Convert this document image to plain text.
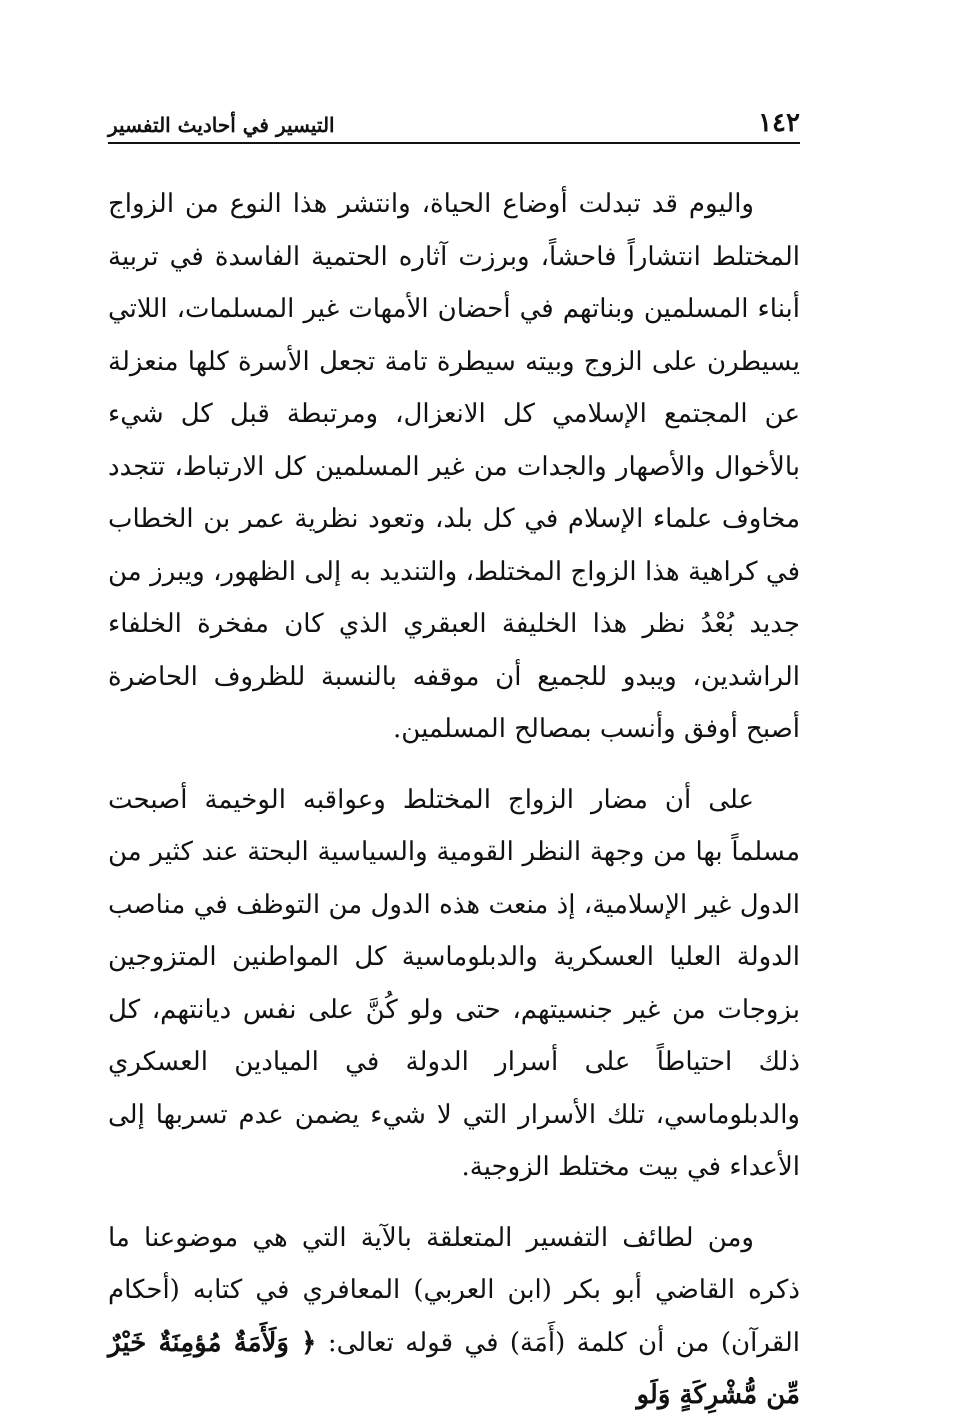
١٤٢
التيسير في أحاديث التفسير

واليوم قد تبدلت أوضاع الحياة، وانتشر هذا النوع من الزواج المختلط انتشاراً فاحشاً، وبرزت آثاره الحتمية الفاسدة في تربية أبناء المسلمين وبناتهم في أحضان الأمهات غير المسلمات، اللاتي يسيطرن على الزوج وبيته سيطرة تامة تجعل الأسرة كلها منعزلة عن المجتمع الإسلامي كل الانعزال، ومرتبطة قبل كل شيء بالأخوال والأصهار والجدات من غير المسلمين كل الارتباط، تتجدد مخاوف علماء الإسلام في كل بلد، وتعود نظرية عمر بن الخطاب في كراهية هذا الزواج المختلط، والتنديد به إلى الظهور، ويبرز من جديد بُعْدُ نظر هذا الخليفة العبقري الذي كان مفخرة الخلفاء الراشدين، ويبدو للجميع أن موقفه بالنسبة للظروف الحاضرة أصبح أوفق وأنسب بمصالح المسلمين.

على أن مضار الزواج المختلط وعواقبه الوخيمة أصبحت مسلماً بها من وجهة النظر القومية والسياسية البحتة عند كثير من الدول غير الإسلامية، إذ منعت هذه الدول من التوظف في مناصب الدولة العليا العسكرية والدبلوماسية كل المواطنين المتزوجين بزوجات من غير جنسيتهم، حتى ولو كُنَّ على نفس ديانتهم، كل ذلك احتياطاً على أسرار الدولة في الميادين العسكري والدبلوماسي، تلك الأسرار التي لا شيء يضمن عدم تسربها إلى الأعداء في بيت مختلط الزوجية.

ومن لطائف التفسير المتعلقة بالآية التي هي موضوعنا ما ذكره القاضي أبو بكر (ابن العربي) المعافري في كتابه (أحكام القرآن) من أن كلمة (أَمَة) في قوله تعالى: ﴿ وَلَأَمَةٌ مُؤمِنَةٌ خَيْرٌ مِّن مُّشْرِكَةٍ وَلَو
